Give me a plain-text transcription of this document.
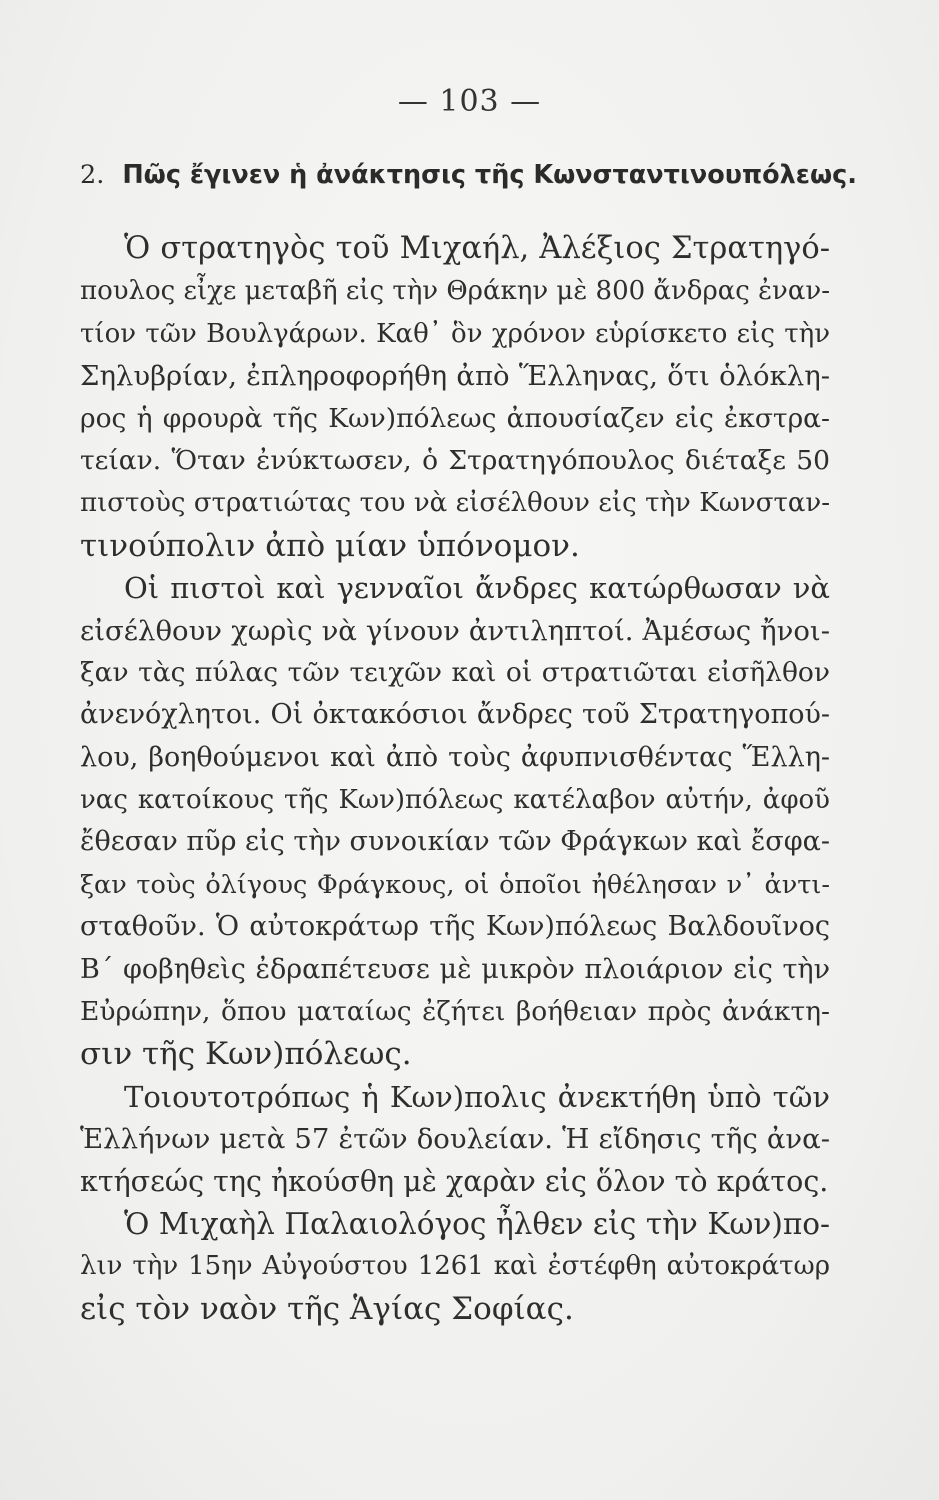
— 103 —
2. Πῶς ἔγινεν ἡ ἀνάκτησις τῆς Κωνσταντινουπόλεως.
Ὁ στρατηγὸς τοῦ Μιχαήλ, Ἀλέξιος Στρατηγό-
πουλος εἶχε μεταβῆ εἰς τὴν Θράκην μὲ 800 ἄνδρας ἐναν-
τίον τῶν Βουλγάρων. Καθ᾿ ὃν χρόνον εὑρίσκετο εἰς τὴν
Σηλυβρίαν, ἐπληροφορήθη ἀπὸ Ἕλληνας, ὅτι ὁλόκλη-
ρος ἡ φρουρὰ τῆς Κων)πόλεως ἀπουσίαζεν εἰς ἐκστρα-
τείαν. Ὅταν ἐνύκτωσεν, ὁ Στρατηγόπουλος διέταξε 50
πιστοὺς στρατιώτας του νὰ εἰσέλθουν εἰς τὴν Κωνσταν-
τινούπολιν ἀπὸ μίαν ὑπόνομον.
Οἱ πιστοὶ καὶ γενναῖοι ἄνδρες κατώρθωσαν νὰ
εἰσέλθουν χωρὶς νὰ γίνουν ἀντιληπτοί. Ἀμέσως ἤνοι-
ξαν τὰς πύλας τῶν τειχῶν καὶ οἱ στρατιῶται εἰσῆλθον
ἀνενόχλητοι. Οἱ ὀκτακόσιοι ἄνδρες τοῦ Στρατηγοπού-
λου, βοηθούμενοι καὶ ἀπὸ τοὺς ἀφυπνισθέντας Ἕλλη-
νας κατοίκους τῆς Κων)πόλεως κατέλαβον αὐτήν, ἀφοῦ
ἔθεσαν πῦρ εἰς τὴν συνοικίαν τῶν Φράγκων καὶ ἔσφα-
ξαν τοὺς ὀλίγους Φράγκους, οἱ ὁποῖοι ἠθέλησαν ν᾿ ἀντι-
σταθοῦν. Ὁ αὐτοκράτωρ τῆς Κων)πόλεως Βαλδουῖνος
Β΄ φοβηθεὶς ἐδραπέτευσε μὲ μικρὸν πλοιάριον εἰς τὴν
Εὐρώπην, ὅπου ματαίως ἐζήτει βοήθειαν πρὸς ἀνάκτη-
σιν τῆς Κων)πόλεως.
Τοιουτοτρόπως ἡ Κων)πολις ἀνεκτήθη ὑπὸ τῶν
Ἑλλήνων μετὰ 57 ἐτῶν δουλείαν. Ἡ εἴδησις τῆς ἀνα-
κτήσεώς της ἠκούσθη μὲ χαρὰν εἰς ὅλον τὸ κράτος.
Ὁ Μιχαὴλ Παλαιολόγος ἦλθεν εἰς τὴν Κων)πο-
λιν τὴν 15ην Αὐγούστου 1261 καὶ ἐστέφθη αὐτοκράτωρ
εἰς τὸν ναὸν τῆς Ἁγίας Σοφίας.
